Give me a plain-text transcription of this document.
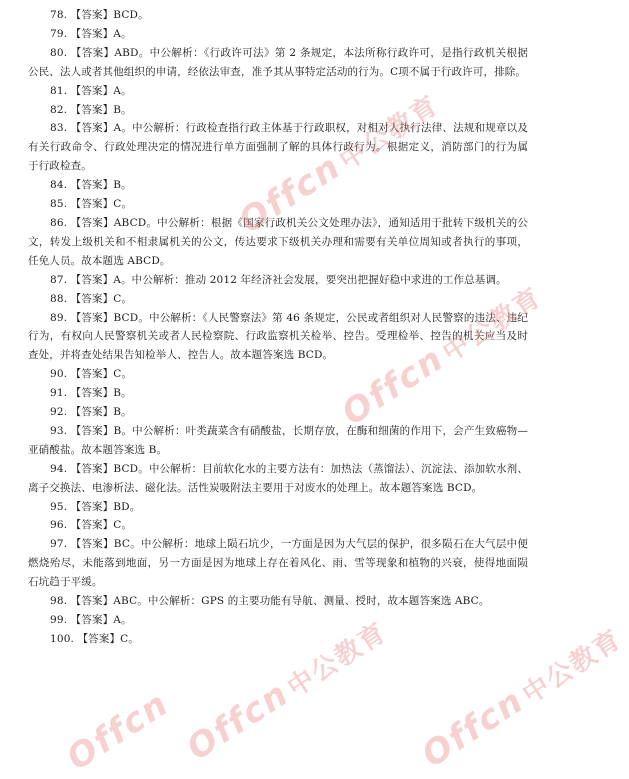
78. 【答案】BCD。
79. 【答案】A。
80. 【答案】ABD。中公解析：《行政许可法》第 2 条规定，本法所称行政许可，是指行政机关根据公民、法人或者其他组织的申请，经依法审查，准予其从事特定活动的行为。C项不属于行政许可，排除。
81. 【答案】A。
82. 【答案】B。
83. 【答案】A。中公解析：行政检查指行政主体基于行政职权，对相对人执行法律、法规和规章以及有关行政命令、行政处理决定的情况进行单方面强制了解的具体行政行为。根据定义，消防部门的行为属于行政检查。
84. 【答案】B。
85. 【答案】C。
86. 【答案】ABCD。中公解析：根据《国家行政机关公文处理办法》，通知适用于批转下级机关的公文，转发上级机关和不相隶属机关的公文，传达要求下级机关办理和需要有关单位周知或者执行的事项，任免人员。故本题选 ABCD。
87. 【答案】A。中公解析：推动 2012 年经济社会发展，要突出把握好稳中求进的工作总基调。
88. 【答案】C。
89. 【答案】BCD。中公解析：《人民警察法》第 46 条规定，公民或者组织对人民警察的违法、违纪行为，有权向人民警察机关或者人民检察院、行政监察机关检举、控告。受理检举、控告的机关应当及时查处，并将查处结果告知检举人、控告人。故本题答案选 BCD。
90. 【答案】C。
91. 【答案】B。
92. 【答案】B。
93. 【答案】B。中公解析：叶类蔬菜含有硝酸盐，长期存放，在酶和细菌的作用下，会产生致癌物—亚硝酸盐。故本题答案选 B。
94. 【答案】BCD。中公解析：目前软化水的主要方法有：加热法（蒸馏法）、沉淀法、添加软水剂、离子交换法、电渗析法、磁化法。活性炭吸附法主要用于对废水的处理上。故本题答案选 BCD。
95. 【答案】BD。
96. 【答案】C。
97. 【答案】BC。中公解析：地球上陨石坑少，一方面是因为大气层的保护，很多陨石在大气层中便燃烧殆尽，未能落到地面，另一方面是因为地球上存在着风化、雨、雪等现象和植物的兴衰，使得地面陨石坑趋于平缓。
98. 【答案】ABC。中公解析：GPS 的主要功能有导航、测量、授时，故本题答案选 ABC。
99. 【答案】A。
100. 【答案】C。
Offcn中公教育
Offcn中公教育
Offcn中公教育
Offcn中公教育
Offcn
